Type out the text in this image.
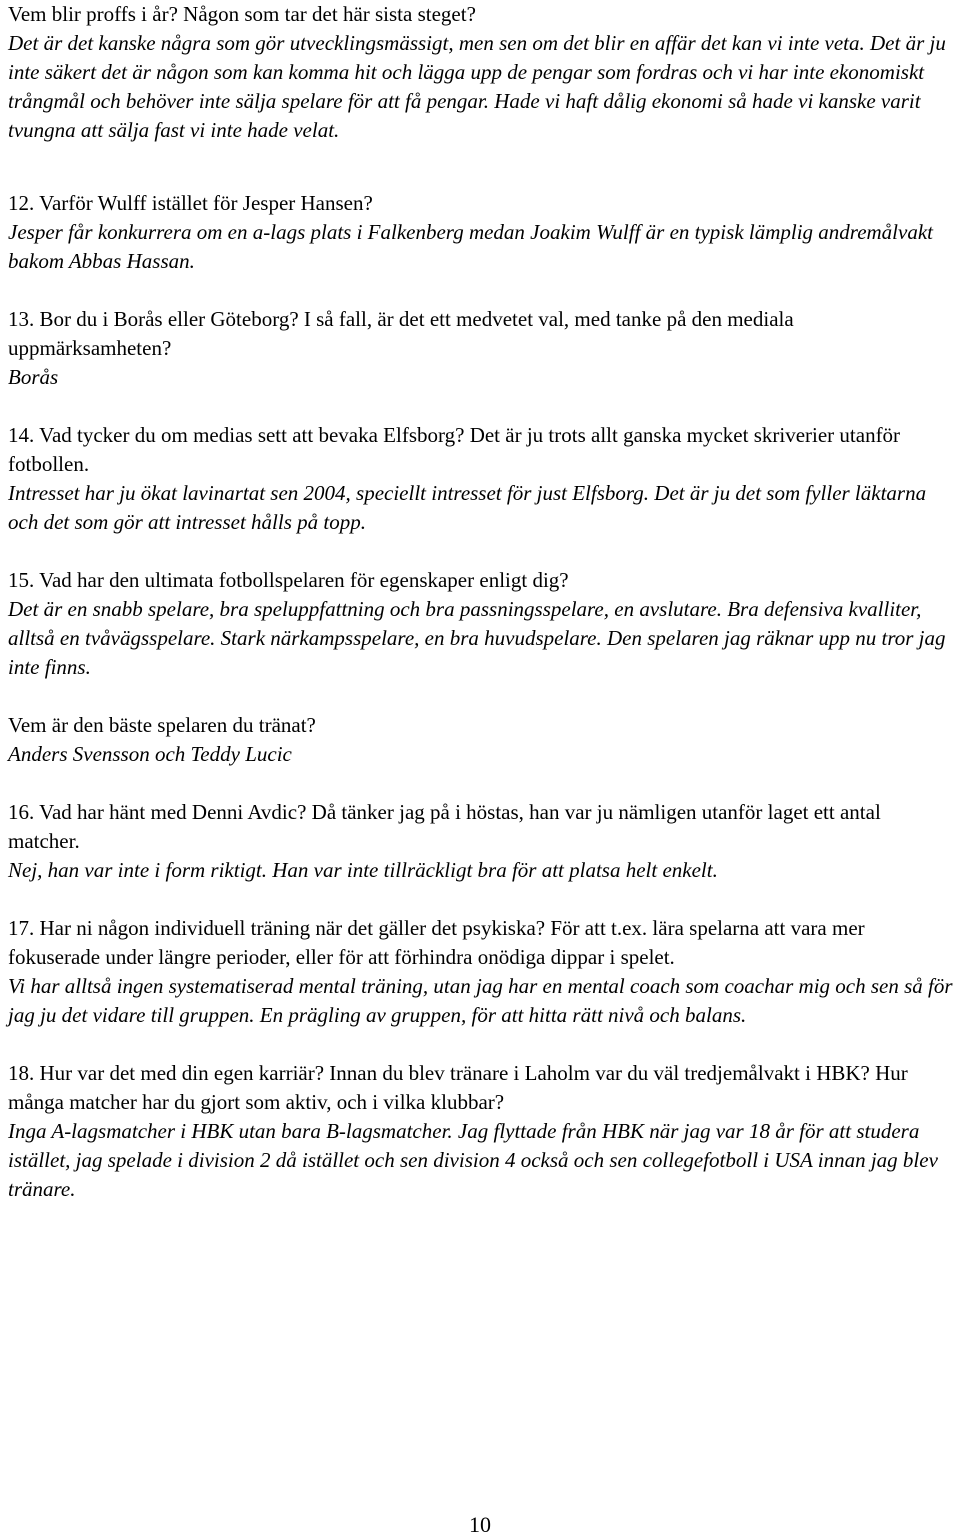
Vem blir proffs i år? Någon som tar det här sista steget?

Det är det kanske några som gör utvecklingsmässigt, men sen om det blir en affär det kan vi inte veta. Det är ju inte säkert det är någon som kan komma hit och lägga upp de pengar som fordras och vi har inte ekonomiskt trångmål och behöver inte sälja spelare för att få pengar. Hade vi haft dålig ekonomi så hade vi kanske varit tvungna att sälja fast vi inte hade velat.

12. Varför Wulff istället för Jesper Hansen?

Jesper får konkurrera om en a-lags plats i Falkenberg medan Joakim Wulff är en typisk lämplig andremålvakt bakom Abbas Hassan.

13. Bor du i Borås eller Göteborg? I så fall, är det ett medvetet val, med tanke på den mediala uppmärksamheten?

Borås

14. Vad tycker du om medias sett att bevaka Elfsborg? Det är ju trots allt ganska mycket skriverier utanför fotbollen.

Intresset har ju ökat lavinartat sen 2004, speciellt intresset för just Elfsborg. Det är ju det som fyller läktarna och det som gör att intresset hålls på topp.

15. Vad har den ultimata fotbollspelaren för egenskaper enligt dig?

Det är en snabb spelare, bra speluppfattning och bra passningsspelare, en avslutare. Bra defensiva kvalliter, alltså en tvåvägsspelare. Stark närkampsspelare, en bra huvudspelare. Den spelaren jag räknar upp nu tror jag inte finns.

Vem är den bäste spelaren du tränat?

Anders Svensson och Teddy Lucic

16. Vad har hänt med Denni Avdic? Då tänker jag på i höstas, han var ju nämligen utanför laget ett antal matcher.

Nej, han var inte i form riktigt. Han var inte tillräckligt bra för att platsa helt enkelt.

17. Har ni någon individuell träning när det gäller det psykiska? För att t.ex. lära spelarna att vara mer fokuserade under längre perioder, eller för att förhindra onödiga dippar i spelet.

Vi har alltså ingen systematiserad mental träning, utan jag har en mental coach som coachar mig och sen så för jag ju det vidare till gruppen. En prägling av gruppen, för att hitta rätt nivå och balans.

18. Hur var det med din egen karriär? Innan du blev tränare i Laholm var du väl tredjemålvakt i HBK? Hur många matcher har du gjort som aktiv, och i vilka klubbar?

Inga A-lagsmatcher i HBK utan bara B-lagsmatcher. Jag flyttade från HBK när jag var 18 år för att studera istället, jag spelade i division 2 då istället och sen division 4 också och sen collegefotboll i USA innan jag blev tränare.

10
